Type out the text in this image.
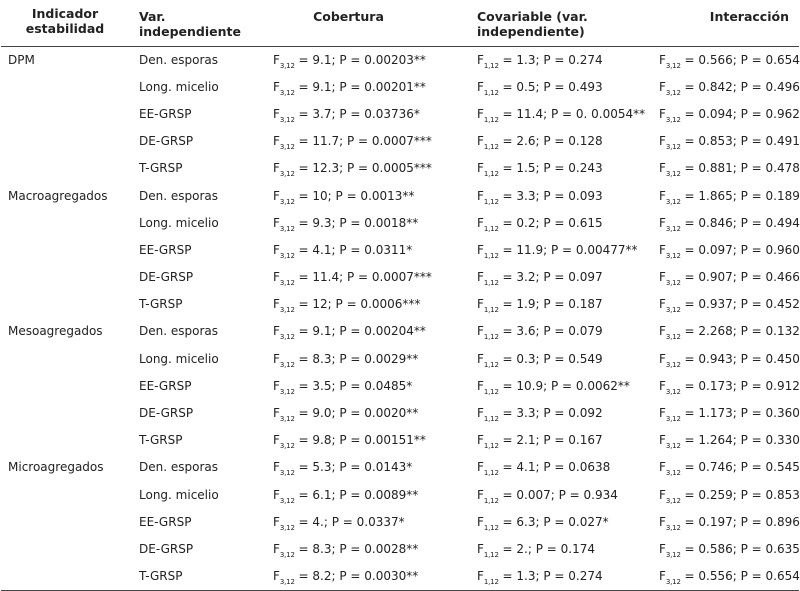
Indicador
estabilidad	Var. independiente	Cobertura	Covariable (var. independiente)	Interacción
DPM	Den. esporas	$F_{3,12} = 9.1$; P = 0.00203**	$F_{1,12} = 1.3$; P = 0.274	$F_{3,12} = 0.566$; P = 0.654
	Long. micelio	$F_{3,12} = 9.1$; P = 0.00201**	$F_{1,12} = 0.5$; P = 0.493	$F_{3,12} = 0.842$; P = 0.496
	EE-GRSP	$F_{3,12} = 3.7$; P = 0.03736*	$F_{1,12} = 11.4$; P = 0. 0.0054**	$F_{3,12} = 0.094$; P = 0.962
	DE-GRSP	$F_{3,12} = 11.7$; P = 0.0007***	$F_{1,12} = 2.6$; P = 0.128	$F_{3,12} = 0.853$; P = 0.491
	T-GRSP	$F_{3,12} = 12.3$; P = 0.0005***	$F_{1,12} = 1.5$; P = 0.243	$F_{3,12} = 0.881$; P = 0.478
Macroagregados	Den. esporas	$F_{3,12} = 10$; P = 0.0013**	$F_{1,12} = 3.3$; P = 0.093	$F_{3,12} = 1.865$; P = 0.189
	Long. micelio	$F_{3,12} = 9.3$; P = 0.0018**	$F_{1,12} = 0.2$; P = 0.615	$F_{3,12} = 0.846$; P = 0.494
	EE-GRSP	$F_{3,12} = 4.1$; P = 0.0311*	$F_{1,12} = 11.9$; P = 0.00477**	$F_{3,12} = 0.097$; P = 0.960
	DE-GRSP	$F_{3,12} = 11.4$; P = 0.0007***	$F_{1,12} = 3.2$; P = 0.097	$F_{3,12} = 0.907$; P = 0.466
	T-GRSP	$F_{3,12} = 12$; P = 0.0006***	$F_{1,12} = 1.9$; P = 0.187	$F_{3,12} = 0.937$; P = 0.452
Mesoagregados	Den. esporas	$F_{3,12} = 9.1$; P = 0.00204**	$F_{1,12} = 3.6$; P = 0.079	$F_{3,12} = 2.268$; P = 0.132
	Long. micelio	$F_{3,12} = 8.3$; P = 0.0029**	$F_{1,12} = 0.3$; P = 0.549	$F_{3,12} = 0.943$; P = 0.450
	EE-GRSP	$F_{3,12} = 3.5$; P = 0.0485*	$F_{1,12} = 10.9$; P = 0.0062**	$F_{3,12} = 0.173$; P = 0.912
	DE-GRSP	$F_{3,12} = 9.0$; P = 0.0020**	$F_{1,12} = 3.3$; P = 0.092	$F_{3,12} = 1.173$; P = 0.360
	T-GRSP	$F_{3,12} = 9.8$; P = 0.00151**	$F_{1,12} = 2.1$; P = 0.167	$F_{3,12} = 1.264$; P = 0.330
Microagregados	Den. esporas	$F_{3,12} = 5.3$; P = 0.0143*	$F_{1,12} = 4.1$; P = 0.0638	$F_{3,12} = 0.746$; P = 0.545
	Long. micelio	$F_{3,12} = 6.1$; P = 0.0089**	$F_{1,12} = 0.007$; P = 0.934	$F_{3,12} = 0.259$; P = 0.853
	EE-GRSP	$F_{3,12} = 4$.; P = 0.0337*	$F_{1,12} = 6.3$; P = 0.027*	$F_{3,12} = 0.197$; P = 0.896
	DE-GRSP	$F_{3,12} = 8.3$; P = 0.0028**	$F_{1,12} = 2$.; P = 0.174	$F_{3,12} = 0.586$; P = 0.635
	T-GRSP	$F_{3,12} = 8.2$; P = 0.0030**	$F_{1,12} = 1.3$; P = 0.274	$F_{3,12} = 0.556$; P = 0.654
